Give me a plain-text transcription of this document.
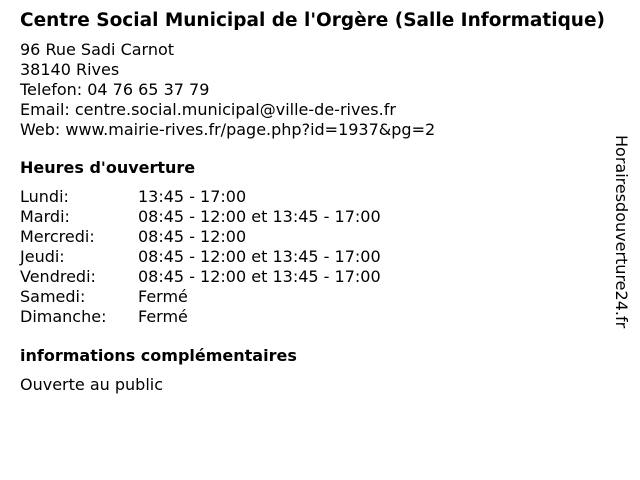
Centre Social Municipal de l'Orgère (Salle Informatique)
96 Rue Sadi Carnot
38140 Rives
Telefon: 04 76 65 37 79
Email: centre.social.municipal@ville-de-rives.fr
Web: www.mairie-rives.fr/page.php?id=1937&pg=2
Heures d'ouverture
Lundi:	13:45 - 17:00
Mardi:	08:45 - 12:00 et 13:45 - 17:00
Mercredi:	08:45 - 12:00
Jeudi:	08:45 - 12:00 et 13:45 - 17:00
Vendredi:	08:45 - 12:00 et 13:45 - 17:00
Samedi:	Fermé
Dimanche:	Fermé
informations complémentaires
Ouverte au public
Horairesdouverture24.fr
